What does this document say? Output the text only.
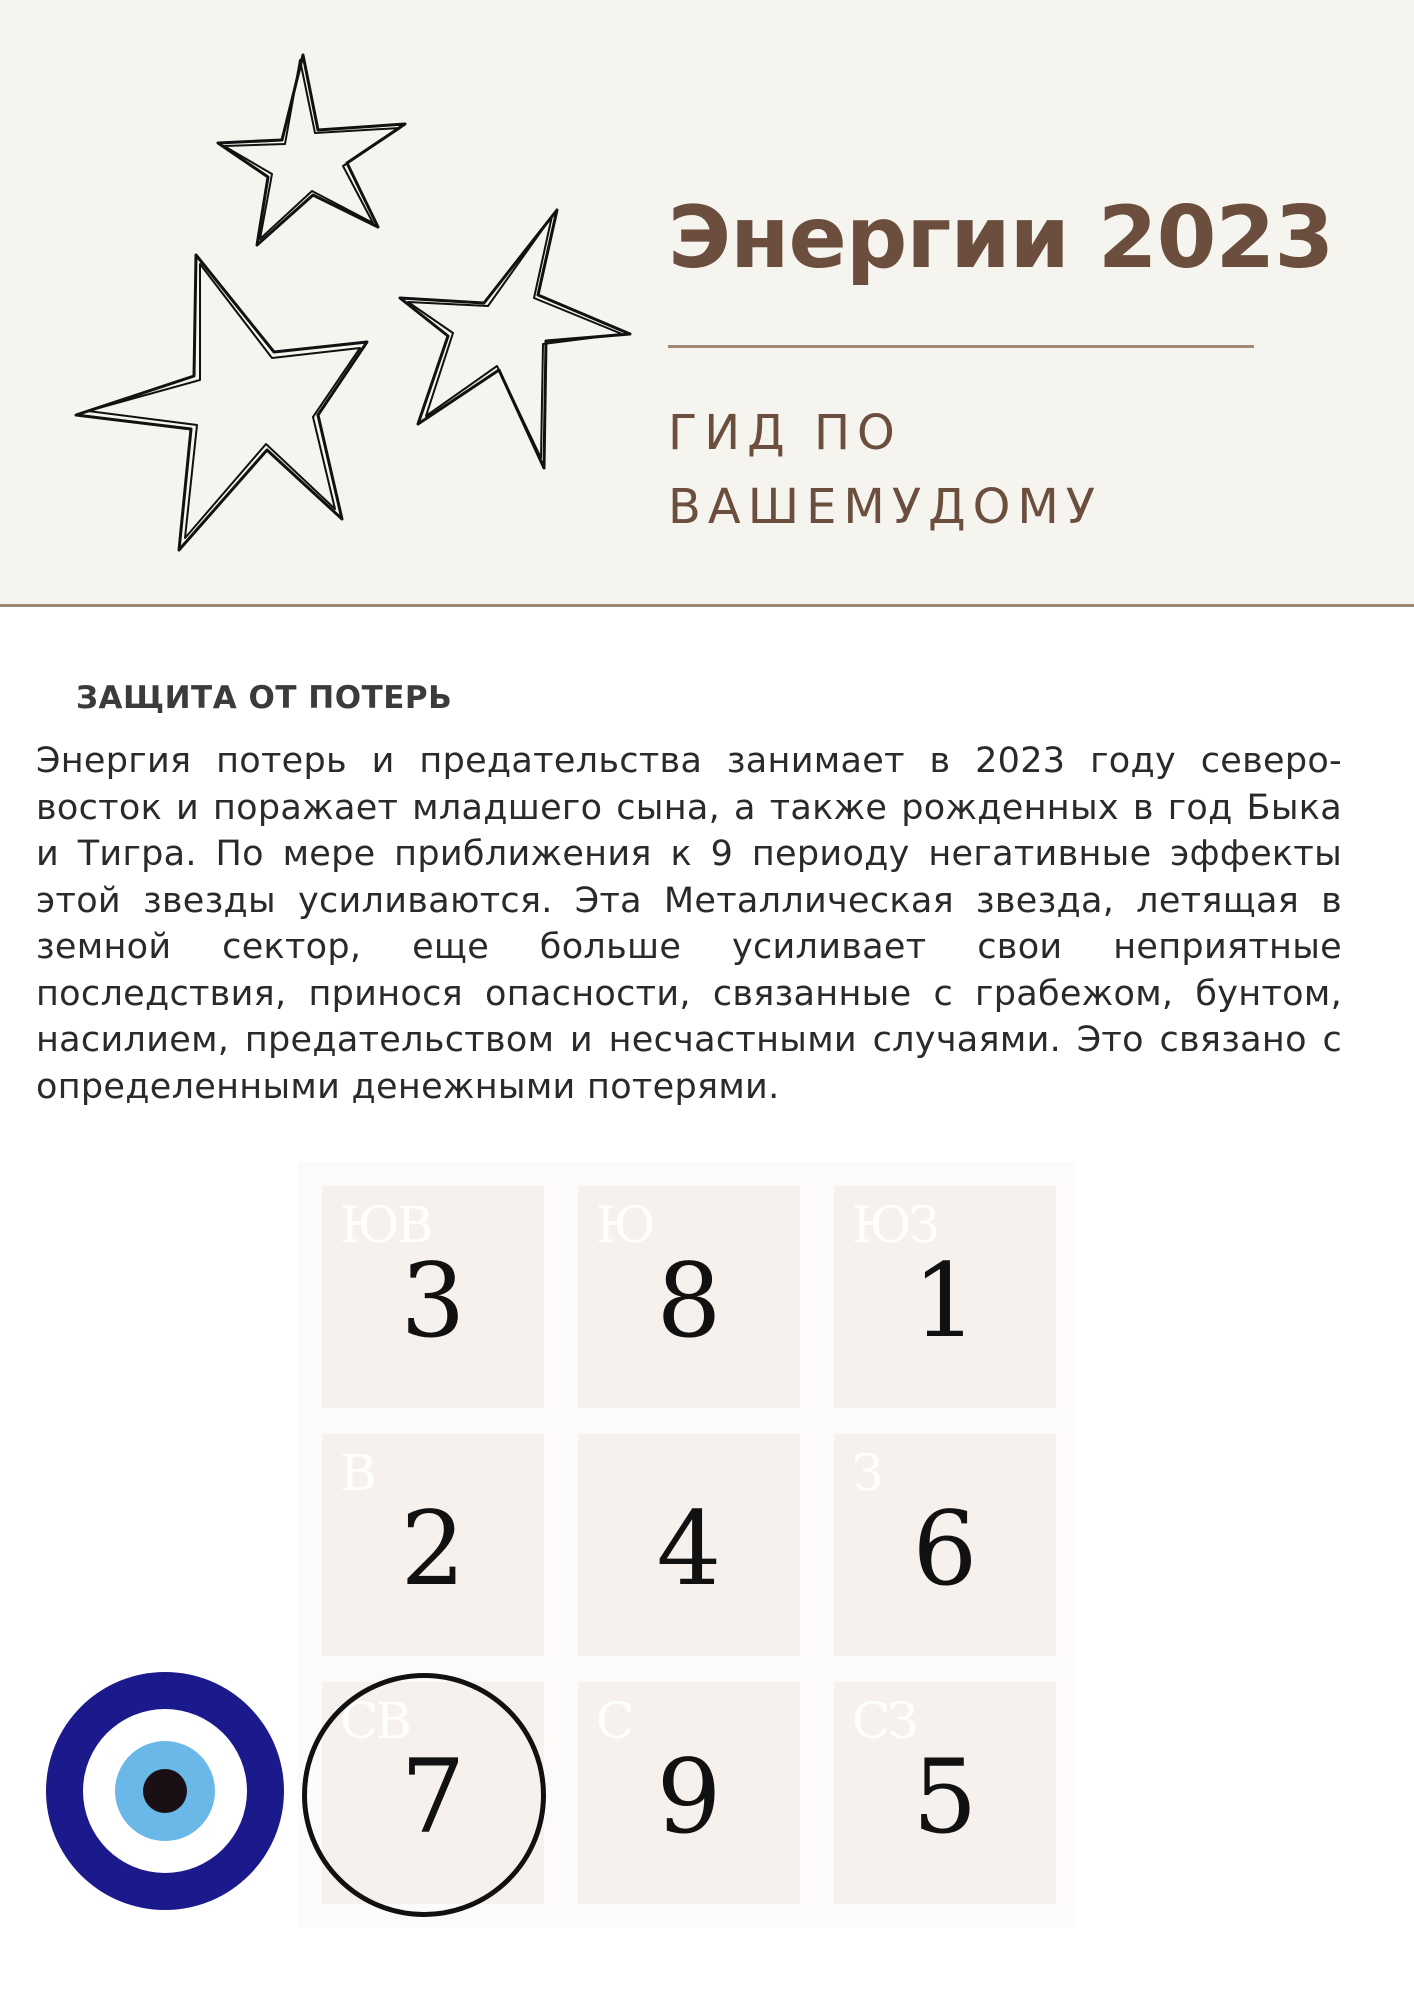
Энергии 2023
ГИД ПО
ВАШЕМУДОМУ
ЗАЩИТА ОТ ПОТЕРЬ
Энергия потерь и предательства занимает в 2023 году северо-восток и поражает младшего сына, а также рожденных в год Быка и Тигра. По мере приближения к 9 периоду негативные эффекты этой звезды усиливаются. Эта Металлическая звезда, летящая в земной сектор, еще больше усиливает свои неприятные последствия, принося опасности, связанные с грабежом, бунтом, насилием, предательством и несчастными случаями. Это связано с определенными денежными потерями.
ЮВ
3
Ю
8
ЮЗ
1
В
2	4
З
6
СВ
7
С
9
СЗ
5
